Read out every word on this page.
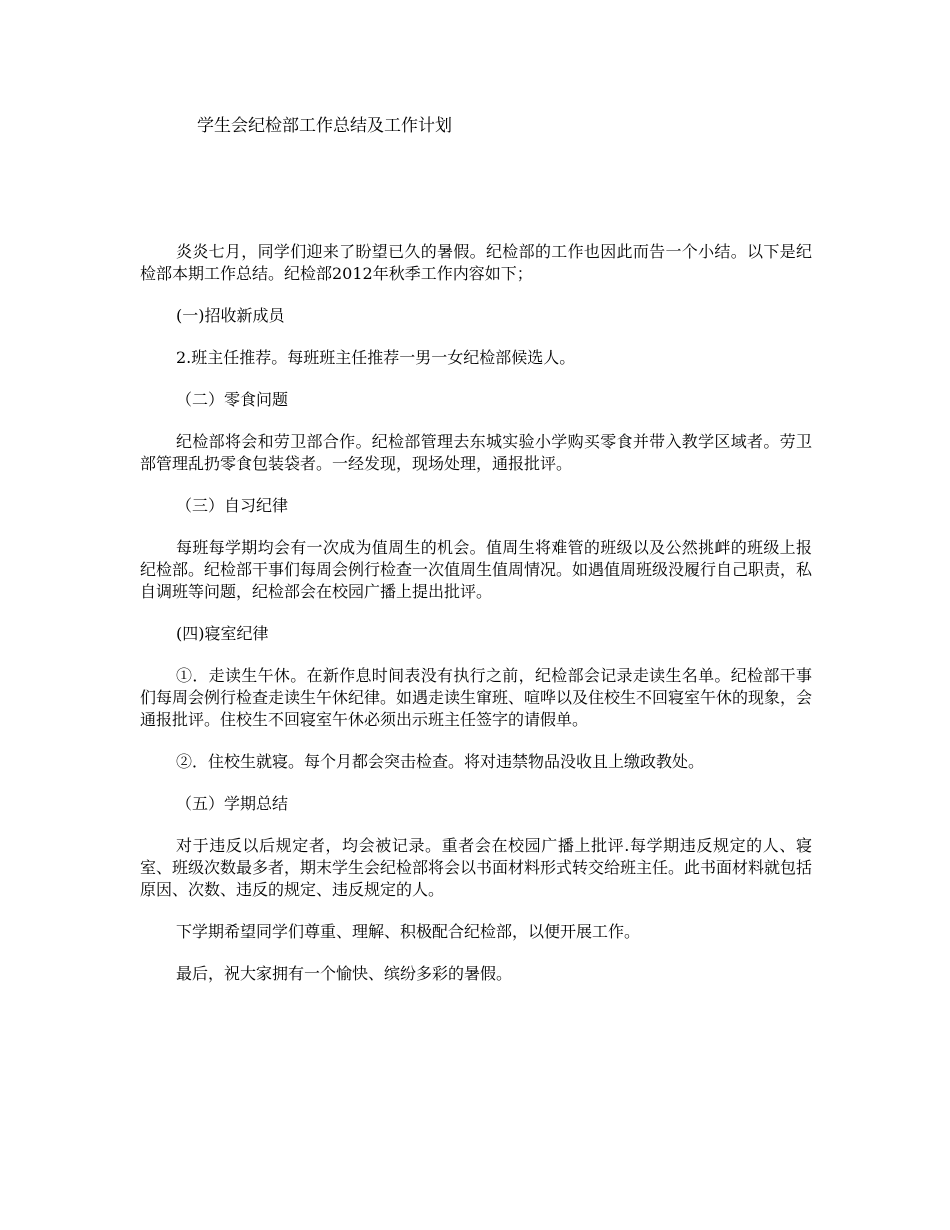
学生会纪检部工作总结及工作计划

炎炎七月，同学们迎来了盼望已久的暑假。纪检部的工作也因此而告一个小结。以下是纪检部本期工作总结。纪检部2012年秋季工作内容如下；

(一)招收新成员

2.班主任推荐。每班班主任推荐一男一女纪检部候选人。

（二）零食问题

纪检部将会和劳卫部合作。纪检部管理去东城实验小学购买零食并带入教学区域者。劳卫部管理乱扔零食包装袋者。一经发现，现场处理，通报批评。

（三）自习纪律

每班每学期均会有一次成为值周生的机会。值周生将难管的班级以及公然挑衅的班级上报纪检部。纪检部干事们每周会例行检查一次值周生值周情况。如遇值周班级没履行自己职责，私自调班等问题，纪检部会在校园广播上提出批评。

(四)寝室纪律

①．走读生午休。在新作息时间表没有执行之前，纪检部会记录走读生名单。纪检部干事们每周会例行检查走读生午休纪律。如遇走读生窜班、喧哗以及住校生不回寝室午休的现象，会通报批评。住校生不回寝室午休必须出示班主任签字的请假单。

②．住校生就寝。每个月都会突击检查。将对违禁物品没收且上缴政教处。

（五）学期总结

对于违反以后规定者，均会被记录。重者会在校园广播上批评.每学期违反规定的人、寝室、班级次数最多者，期末学生会纪检部将会以书面材料形式转交给班主任。此书面材料就包括原因、次数、违反的规定、违反规定的人。

下学期希望同学们尊重、理解、积极配合纪检部，以便开展工作。

最后，祝大家拥有一个愉快、缤纷多彩的暑假。
